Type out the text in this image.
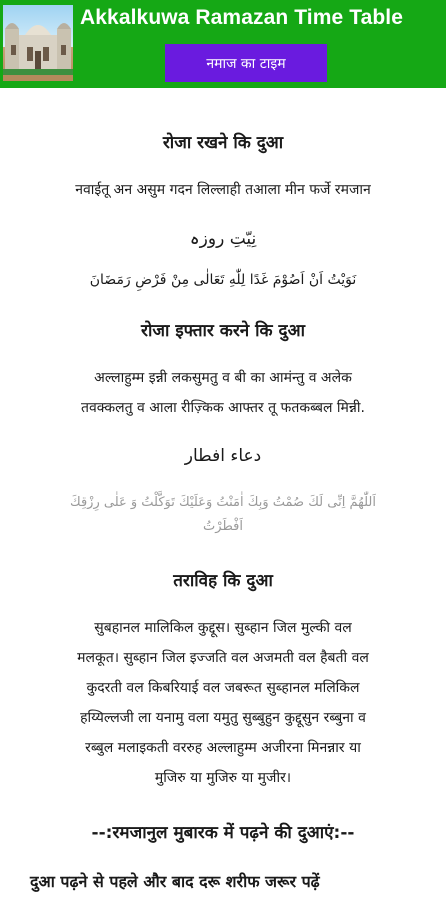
Akkalkuwa Ramazan Time Table
नमाज का टाइम

रोजा रखने कि दुआ

नवाईतू अन असुम गदन लिल्लाही तआला मीन फर्जे रमजान

نِیّتِ روزہ

نَوَيْتُ اَنْ اَصُوْمَ غَدًا لِلّٰهِ تَعَالٰى مِنْ فَرْضِ رَمَضَانَ

रोजा इफ्तार करने कि दुआ

अल्लाहुम्म इन्नी लकसुमतु व बी का आमंन्तु व अलेक

तवक्कलतु व आला रीज़्किक आफ्तर तू फतकब्बल मिन्नी.

دعاء افطار

اَللّٰهُمَّ اِنِّی لَكَ صُمْتُ وَبِكَ اٰمَنْتُ وَعَلَيْكَ تَوَكَّلْتُ وَ عَلٰى رِزْقِكَ

اَفْطَرْتُ

तराविह कि दुआ

सुबहानल मालिकिल कुद्दूस। सुब्हान जिल मुल्की वल

मलकूत। सुब्हान जिल इज्जति वल अजमती वल हैबती वल

कुदरती वल किबरियाई वल जबरूत सुब्हानल मलिकिल

हय्यिल्लजी ला यनामु वला यमुतु सुब्बुहुन कुद्दूसुन रब्बुना व

रब्बुल मलाइकती वररुह अल्लाहुम्म अजीरना मिनन्नार या

मुजिरु या मुजिरु या मुजीर।

--:रमजानुल मुबारक में पढ़ने की दुआएं:--

दुआ पढ़ने से पहले और बाद दरू शरीफ जरूर पढ़ें
